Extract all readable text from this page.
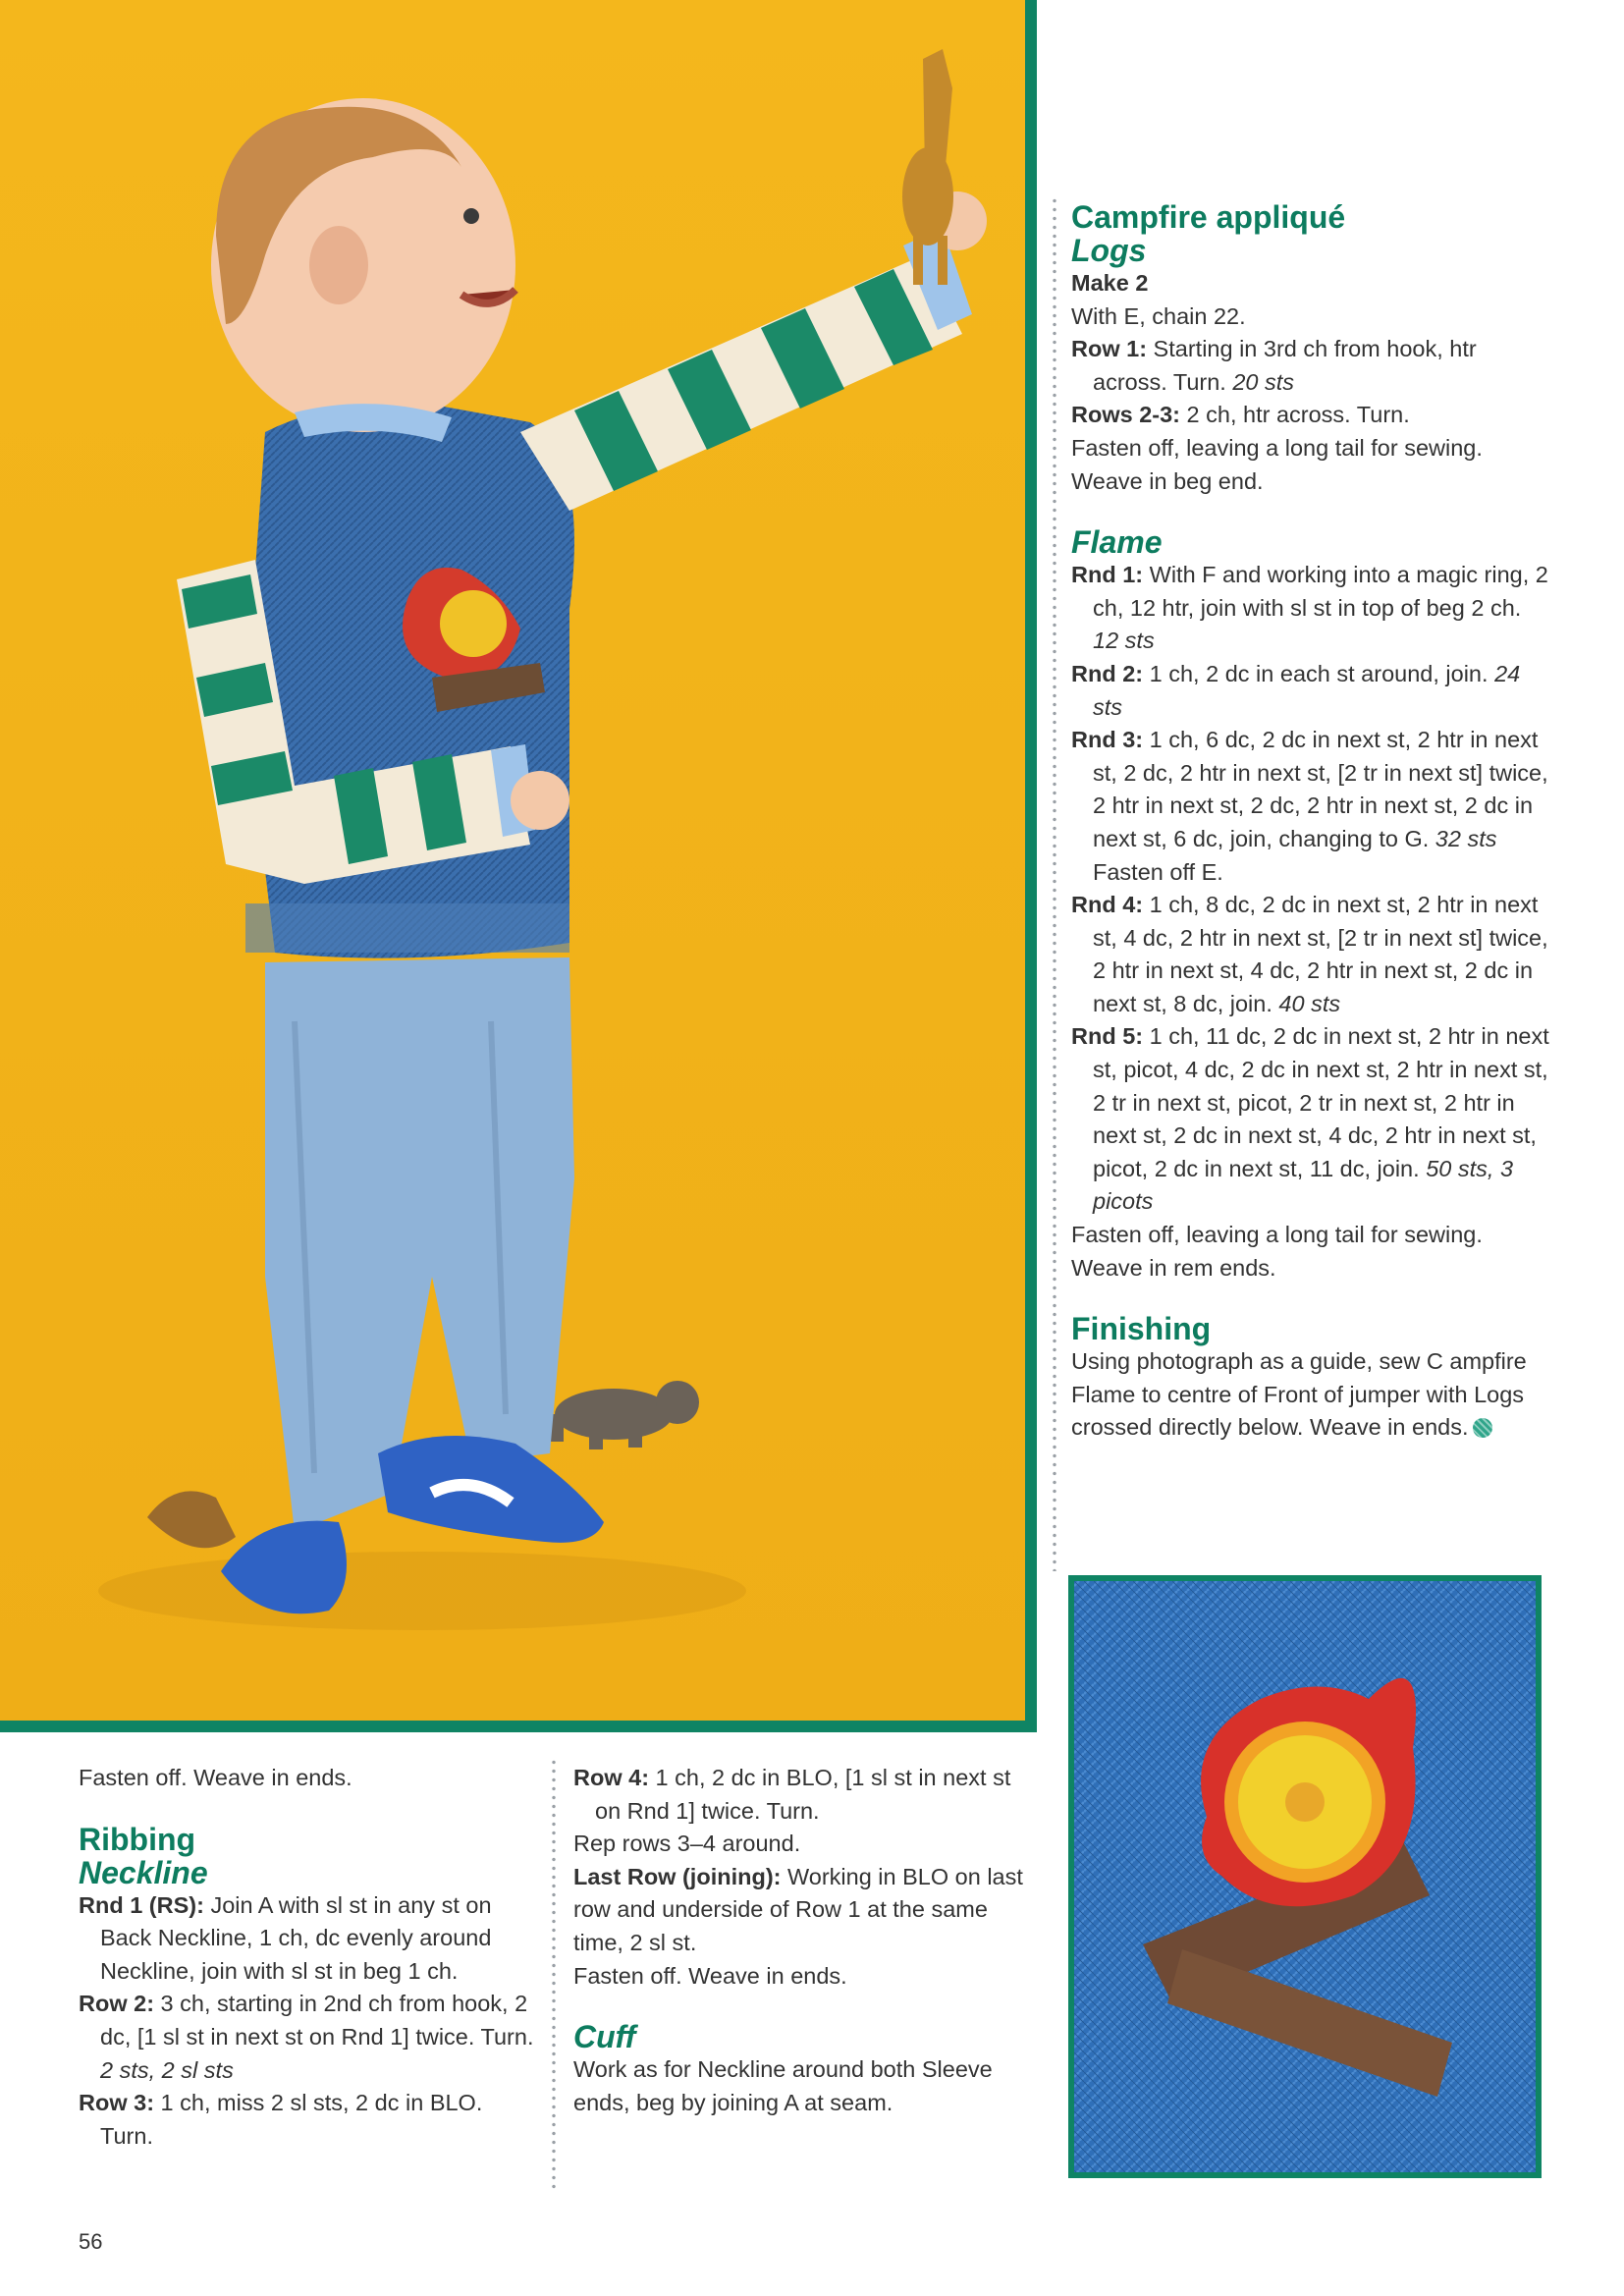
Campfire appliqué

Logs

Make 2

With E, chain 22.

Row 1: Starting in 3rd ch from hook, htr across. Turn. 20 sts

Rows 2-3: 2 ch, htr across. Turn.

Fasten off, leaving a long tail for sewing.

Weave in beg end.

Flame

Rnd 1: With F and working into a magic ring, 2 ch, 12 htr, join with sl st in top of beg 2 ch. 12 sts

Rnd 2: 1 ch, 2 dc in each st around, join. 24 sts

Rnd 3: 1 ch, 6 dc, 2 dc in next st, 2 htr in next st, 2 dc, 2 htr in next st, [2 tr in next st] twice, 2 htr in next st, 2 dc, 2 htr in next st, 2 dc in next st, 6 dc, join, changing to G. 32 sts

Fasten off E.

Rnd 4: 1 ch, 8 dc, 2 dc in next st, 2 htr in next st, 4 dc, 2 htr in next st, [2 tr in next st] twice, 2 htr in next st, 4 dc, 2 htr in next st, 2 dc in next st, 8 dc, join. 40 sts

Rnd 5: 1 ch, 11 dc, 2 dc in next st, 2 htr in next st, picot, 4 dc, 2 dc in next st, 2 htr in next st, 2 tr in next st, picot, 2 tr in next st, 2 htr in next st, 2 dc in next st, 4 dc, 2 htr in next st, picot, 2 dc in next st, 11 dc, join. 50 sts, 3 picots

Fasten off, leaving a long tail for sewing.

Weave in rem ends.

Finishing

Using photograph as a guide, sew C ampfire Flame to centre of Front of jumper with Logs crossed directly below. Weave in ends.

Fasten off. Weave in ends.

Ribbing

Neckline

Rnd 1 (RS): Join A with sl st in any st on Back Neckline, 1 ch, dc evenly around Neckline, join with sl st in beg 1 ch.

Row 2: 3 ch, starting in 2nd ch from hook, 2 dc, [1 sl st in next st on Rnd 1] twice. Turn. 2 sts, 2 sl sts

Row 3: 1 ch, miss 2 sl sts, 2 dc in BLO. Turn.

Row 4: 1 ch, 2 dc in BLO, [1 sl st in next st on Rnd 1] twice. Turn.

Rep rows 3–4 around.

Last Row (joining): Working in BLO on last row and underside of Row 1 at the same time, 2 sl st.

Fasten off. Weave in ends.

Cuff

Work as for Neckline around both Sleeve ends, beg by joining A at seam.

56
